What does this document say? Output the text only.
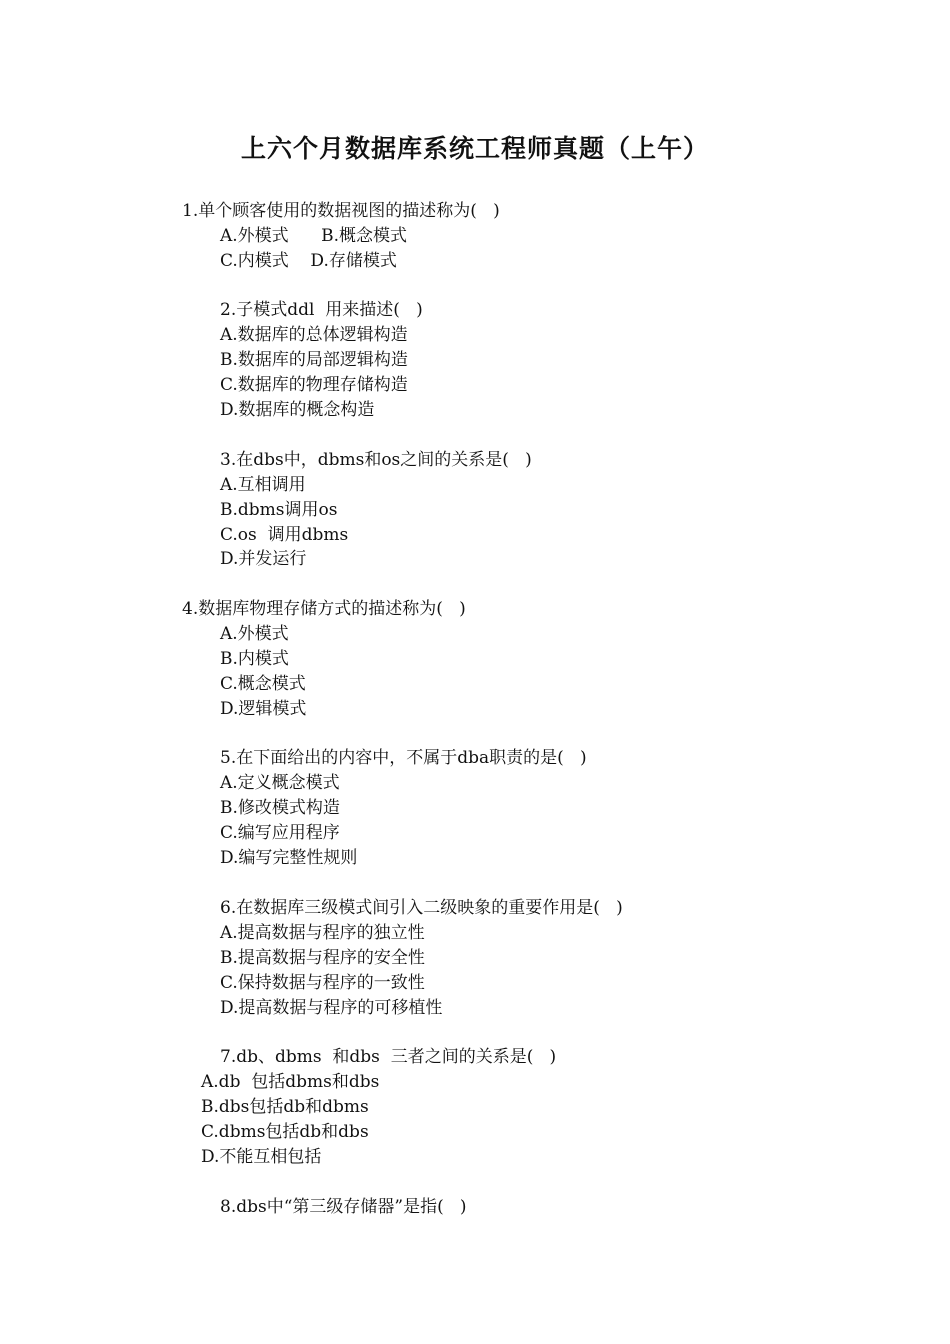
上六个月数据库系统工程师真题（上午）
1.单个顾客使用的数据视图的描述称为(   )
A.外模式      B.概念模式
C.内模式    D.存储模式
2.子模式ddl  用来描述(   )
A.数据库的总体逻辑构造
B.数据库的局部逻辑构造
C.数据库的物理存储构造
D.数据库的概念构造
3.在dbs中，dbms和os之间的关系是(   )
A.互相调用
B.dbms调用os
C.os  调用dbms
D.并发运行
4.数据库物理存储方式的描述称为(   )
A.外模式
B.内模式
C.概念模式
D.逻辑模式
5.在下面给出的内容中，不属于dba职责的是(   )
A.定义概念模式
B.修改模式构造
C.编写应用程序
D.编写完整性规则
6.在数据库三级模式间引入二级映象的重要作用是(   )
A.提高数据与程序的独立性
B.提高数据与程序的安全性
C.保持数据与程序的一致性
D.提高数据与程序的可移植性
7.db、dbms  和dbs  三者之间的关系是(   )
A.db  包括dbms和dbs
B.dbs包括db和dbms
C.dbms包括db和dbs
D.不能互相包括
8.dbs中“第三级存储器”是指(   )
